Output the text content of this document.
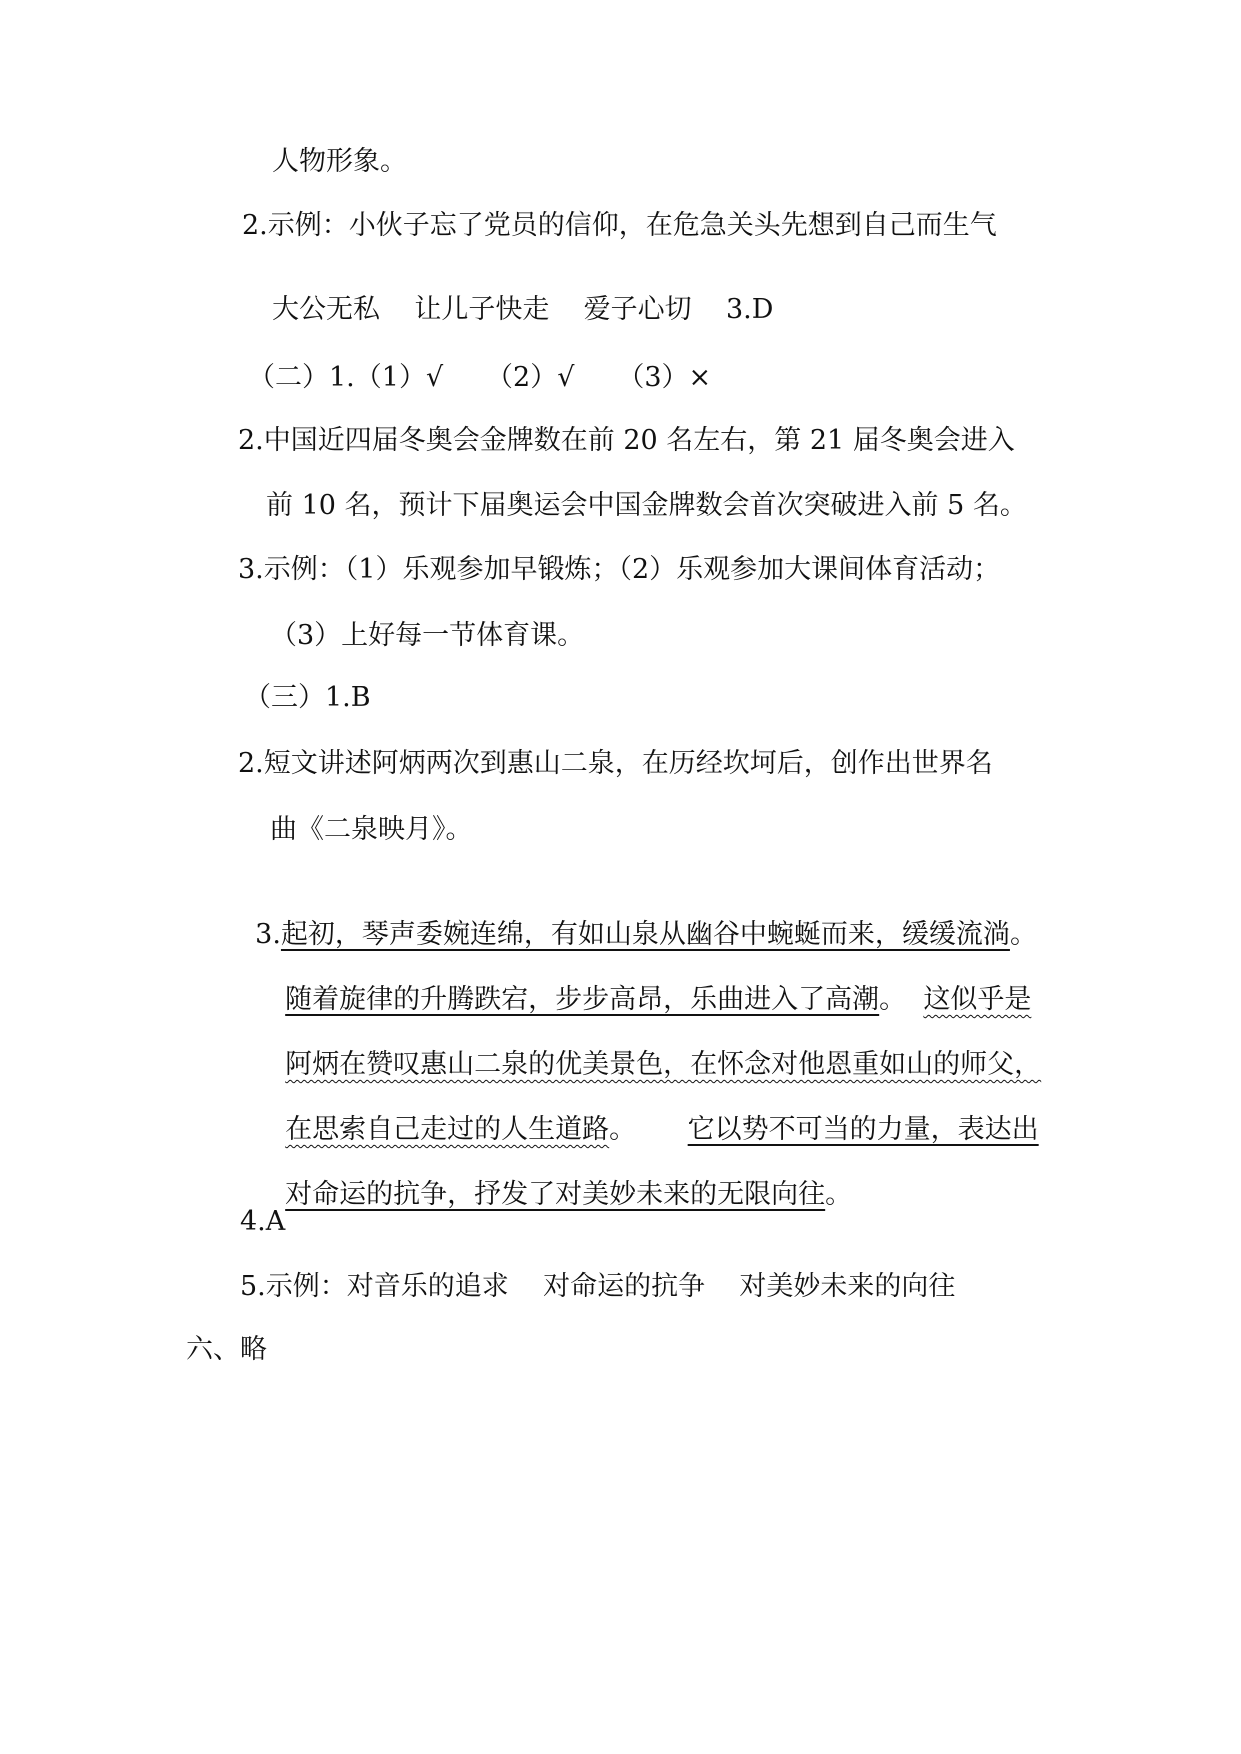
人物形象。
2.示例：小伙子忘了党员的信仰，在危急关头先想到自己而生气
大公无私    让儿子快走    爱子心切    3.D
（二）1.（1）√     （2）√     （3）×
2.中国近四届冬奥会金牌数在前 20 名左右，第 21 届冬奥会进入
前 10 名，预计下届奥运会中国金牌数会首次突破进入前 5 名。
3.示例：（1）乐观参加早锻炼；（2）乐观参加大课间体育活动；
（3）上好每一节体育课。
（三）1.B
2.短文讲述阿炳两次到惠山二泉，在历经坎坷后，创作出世界名
曲《二泉映月》。

3.起初，琴声委婉连绵，有如山泉从幽谷中蜿蜒而来，缓缓流淌。

随着旋律的升腾跌宕，步步高昂，乐曲进入了高潮。 这似乎是

阿炳在赞叹惠山二泉的优美景色，在怀念对他恩重如山的师父，

在思索自己走过的人生道路。 它以势不可当的力量，表达出

对命运的抗争，抒发了对美妙未来的无限向往。

4.A
5.示例：对音乐的追求    对命运的抗争    对美妙未来的向往
六、略
